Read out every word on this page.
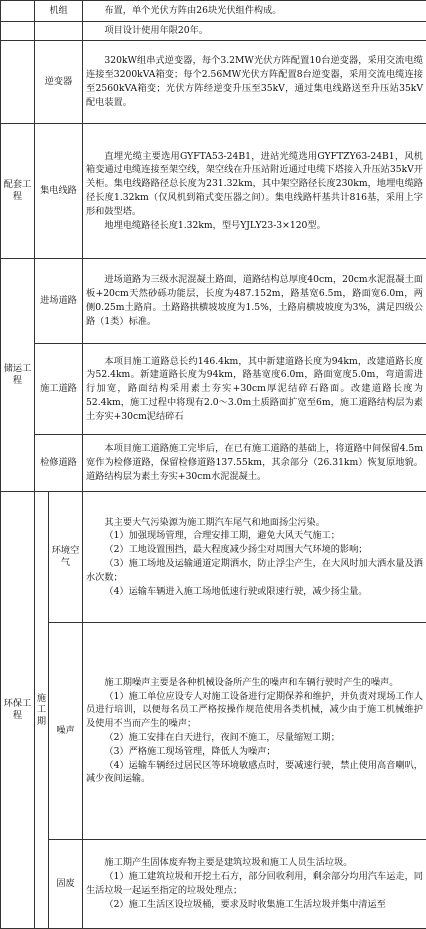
	机组		布置，单个光伏方阵由26块光伏组件构成。
			项目设计使用年限20年。
	逆变器		320kW组串式逆变器，每个3.2MW光伏方阵配置10台逆变器，采用交流电缆连接至3200kVA箱变；每个2.56MW光伏方阵配置8台逆变器，采用交流电缆连接至2560kVA箱变；光伏方阵经逆变升压至35kV，通过集电线路送至升压站35kV配电装置。
配套工程	集电线路		直埋光缆主要选用GYFTA53-24B1，进站光缆选用GYFTZY63-24B1，风机箱变通过电缆连接至架空线，架空线在升压站附近通过电缆下塔接入升压站35kV开关柜。集电线路路径总长度为231.32km，其中架空路径长度230km，地埋电缆路径长度1.32km（仅风机到箱式变压器之间）。集电线路杆基共计816基，采用上字形和鼓型塔。

地埋电缆路径长度1.32km，型号YJLY23-3×120型。

储运工程	进场道路		进场道路为三级水泥混凝土路面，道路结构总厚度40cm，20cm水泥混凝土面板+20cm天然砂砾功能层，长度为487.152m，路基宽6.5m，路面宽6.0m，两侧0.25m土路肩。土路路拱横坡坡度为1.5%，土路肩横坡坡度为3%，满足四级公路（1类）标准。
	施工道路		本项目施工道路总长约146.4km，其中新建道路长度为94km，改建道路长度为52.4km。新建道路长度为94km，路基宽度6.0m，路面宽度5.0m，弯道需进行加宽，路面结构采用素土夯实+30cm厚泥结碎石路面。改建道路长度为52.4km，施工过程中将现有2.0～3.0m土质路面扩宽至6m，施工道路结构层为素土夯实+30cm泥结碎石
	检修道路		本项目施工道路施工完毕后，在已有施工道路的基础上，将道路中间保留4.5m宽作为检修道路，保留检修道路137.55km，其余部分（26.31km）恢复原地貌。道路结构层为素土夯实+30cm水泥混凝土。
环保工程	施工期	环境空气	其主要大气污染源为施工期汽车尾气和地面扬尘污染。

（1）加强现场管理，合理安排工期，避免大风天气施工；

（2）工地设置围挡，最大程度减少扬尘对周围大气环境的影响；

（3）施工场地及运输通道定期洒水，防止浮尘产生，在大风时加大洒水量及洒水次数；

（4）运输车辆进入施工场地低速行驶或限速行驶，减少扬尘量。

		噪声	施工期噪声主要是各种机械设备所产生的噪声和车辆行驶时产生的噪声。

（1）施工单位应设专人对施工设备进行定期保养和维护，并负责对现场工作人员进行培训，以便每名员工严格按操作规范使用各类机械，减少由于施工机械维护及使用不当而产生的噪声；

（2）施工安排在白天进行，夜间不施工，尽量缩短工期；

（3）严格施工现场管理，降低人为噪声；

（4）运输车辆经过居民区等环境敏感点时，要减速行驶，禁止使用高音喇叭，减少夜间运输。

		固废	施工期产生固体废弃物主要是建筑垃圾和施工人员生活垃圾。

（1）施工建筑垃圾和开挖土石方，部分回收利用，剩余部分均用汽车运走，同生活垃圾一起运至指定的垃圾处理点；

（2）施工生活区设垃圾桶，要求及时收集施工生活垃圾并集中清运至
